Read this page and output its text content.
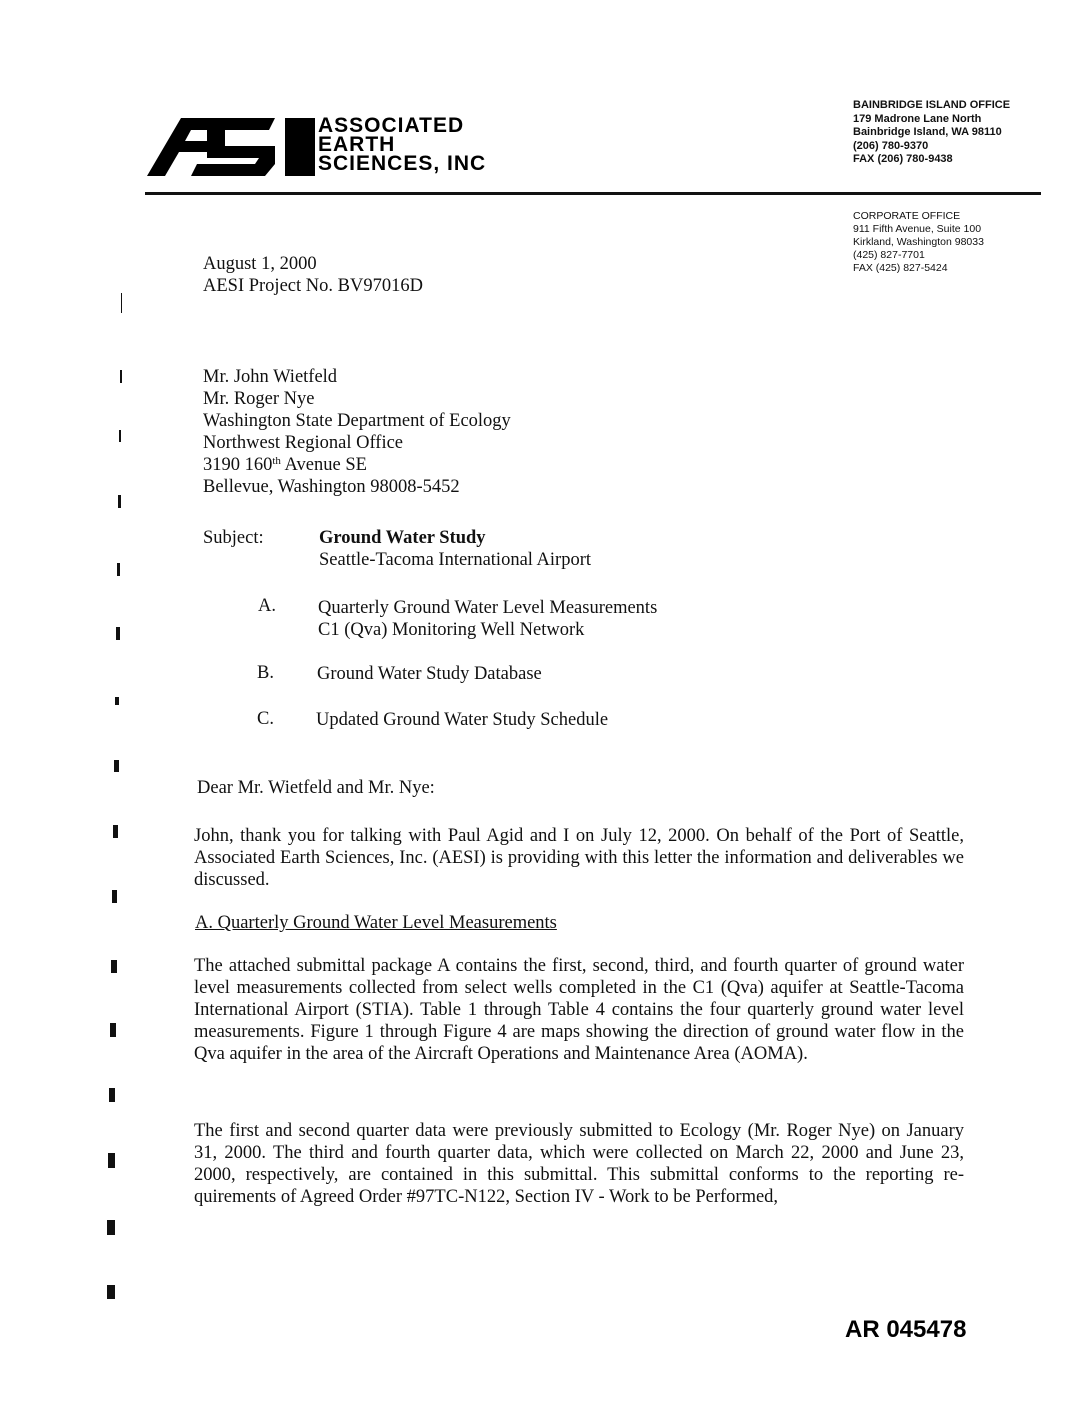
ASSOCIATED
EARTH
SCIENCES, INC
BAINBRIDGE ISLAND OFFICE
179 Madrone Lane North
Bainbridge Island, WA 98110
(206) 780-9370
FAX (206) 780-9438
CORPORATE OFFICE
911 Fifth Avenue, Suite 100
Kirkland, Washington 98033
(425) 827-7701
FAX (425) 827-5424
August 1, 2000
AESI Project No. BV97016D
Mr. John Wietfeld
Mr. Roger Nye
Washington State Department of Ecology
Northwest Regional Office
3190 160th Avenue SE
Bellevue, Washington 98008-5452
Subject:	Ground Water Study
Seattle-Tacoma International Airport
A. Quarterly Ground Water Level Measurements
C1 (Qva) Monitoring Well Network
B. Ground Water Study Database
C. Updated Ground Water Study Schedule
Dear Mr. Wietfeld and Mr. Nye:
John, thank you for talking with Paul Agid and I on July 12, 2000. On behalf of the Port of Seattle, Associated Earth Sciences, Inc. (AESI) is providing with this letter the information and deliverables we discussed.
A. Quarterly Ground Water Level Measurements
The attached submittal package A contains the first, second, third, and fourth quarter of ground water level measurements collected from select wells completed in the C1 (Qva) aquifer at Seattle-Tacoma International Airport (STIA). Table 1 through Table 4 contains the four quarterly ground water level measurements. Figure 1 through Figure 4 are maps showing the direction of ground water flow in the Qva aquifer in the area of the Aircraft Operations and Maintenance Area (AOMA).
The first and second quarter data were previously submitted to Ecology (Mr. Roger Nye) on January 31, 2000. The third and fourth quarter data, which were collected on March 22, 2000 and June 23, 2000, respectively, are contained in this submittal. This submittal conforms to the reporting re-quirements of Agreed Order #97TC-N122, Section IV - Work to be Performed,
AR 045478
